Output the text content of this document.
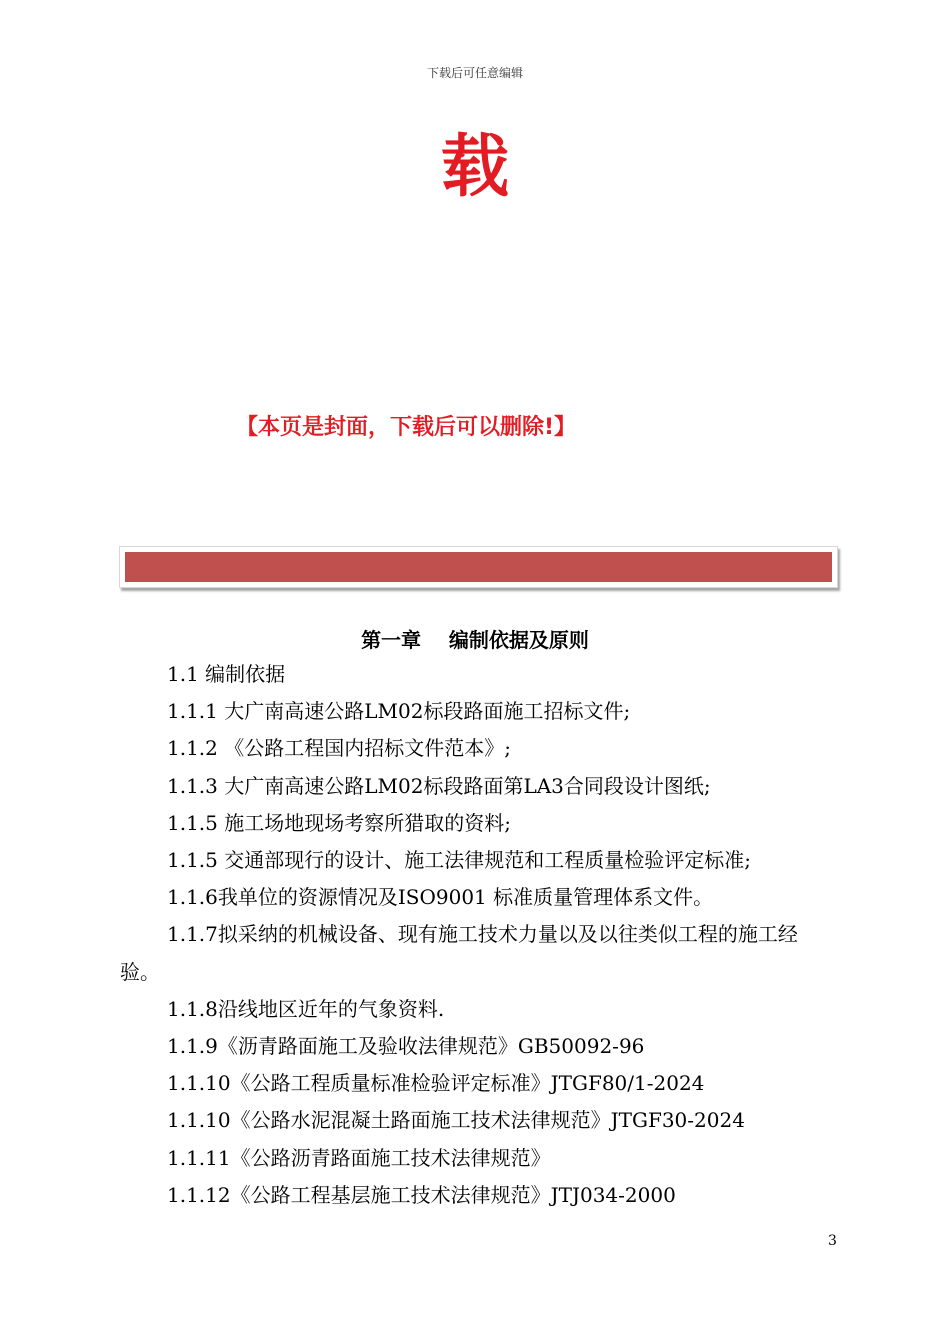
下载后可任意编辑
载
【本页是封面，下载后可以删除!】
第一章    编制依据及原则

1.1 编制依据

1.1.1 大广南高速公路LM02标段路面施工招标文件;

1.1.2 《公路工程国内招标文件范本》;

1.1.3 大广南高速公路LM02标段路面第LA3合同段设计图纸;

1.1.5 施工场地现场考察所猎取的资料;

1.1.5 交通部现行的设计、施工法律规范和工程质量检验评定标准;

1.1.6我单位的资源情况及ISO9001 标准质量管理体系文件。

1.1.7拟采纳的机械设备、现有施工技术力量以及以往类似工程的施工经验。

1.1.8沿线地区近年的气象资料.

1.1.9《沥青路面施工及验收法律规范》GB50092-96

1.1.10《公路工程质量标准检验评定标准》JTGF80/1-2024

1.1.10《公路水泥混凝土路面施工技术法律规范》JTGF30-2024

1.1.11《公路沥青路面施工技术法律规范》

1.1.12《公路工程基层施工技术法律规范》JTJ034-2000

3
